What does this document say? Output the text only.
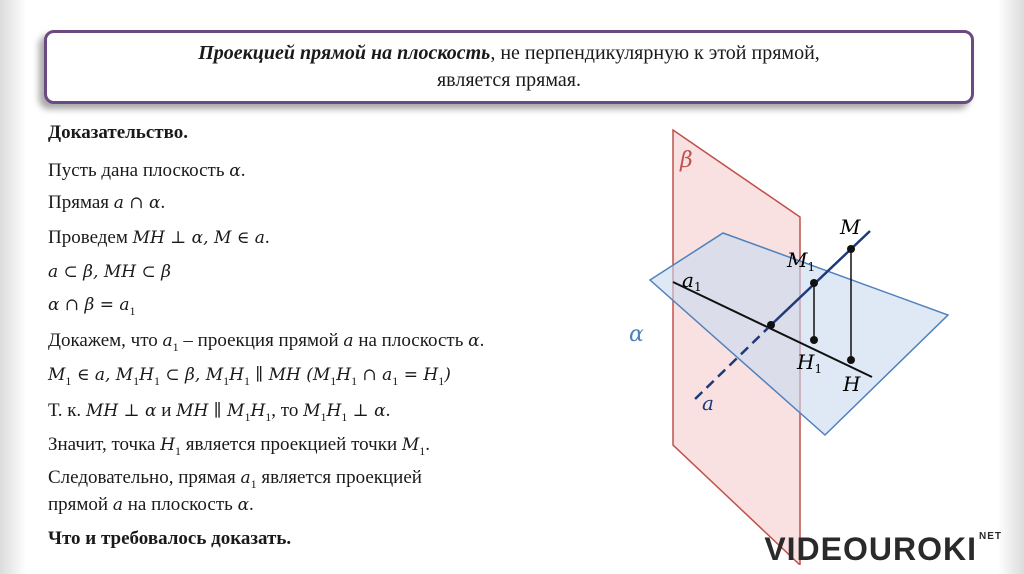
Проекцией прямой на плоскость, не перпендикулярную к этой прямой,
является прямая.
Доказательство.
Пусть дана плоскость α.
Прямая a ∩ α.
Проведем MH ⊥ α, M ∈ a.
a ⊂ β, MH ⊂ β
α ∩ $\beta = a_1$
Докажем, что $a_1$ – проекция прямой a на плоскость α.
$M_1$ ∈ a, $M_1H_1$ ⊂ β, $M_1H_1$ ∥ MH ($M_1H_1$ ∩ $a_1 = H_1$)
Т. к. MH ⊥ α и MH ∥ $M_1H_1$, то $M_1H_1$ ⊥ α.
Значит, точка $H_1$ является проекцией точки $M_1$.
Следовательно, прямая $a_1$ является проекцией
прямой a на плоскость α.
Что и требовалось доказать.
β
α
a
$a_1$
$M_1$
M
$H_1$
H
VIDEOUROKI $^{NET}$
